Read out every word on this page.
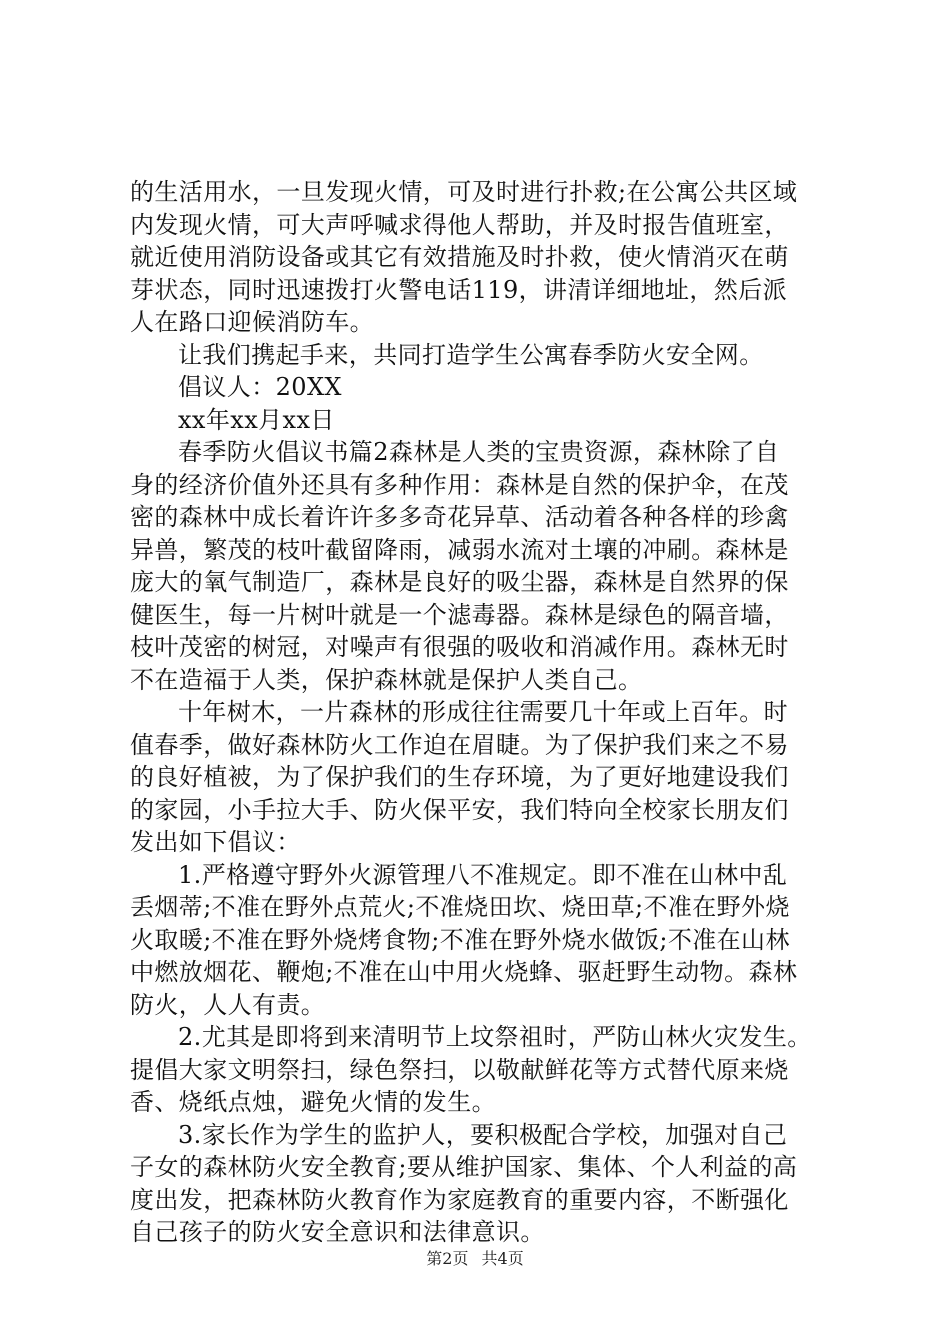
的生活用水，一旦发现火情，可及时进行扑救;在公寓公共区域
内发现火情，可大声呼喊求得他人帮助，并及时报告值班室，
就近使用消防设备或其它有效措施及时扑救，使火情消灭在萌
芽状态，同时迅速拨打火警电话119，讲清详细地址，然后派
人在路口迎候消防车。
让我们携起手来，共同打造学生公寓春季防火安全网。
倡议人：20XX
xx年xx月xx日
春季防火倡议书篇2森林是人类的宝贵资源，森林除了自
身的经济价值外还具有多种作用：森林是自然的保护伞，在茂
密的森林中成长着许许多多奇花异草、活动着各种各样的珍禽
异兽，繁茂的枝叶截留降雨，减弱水流对土壤的冲刷。森林是
庞大的氧气制造厂，森林是良好的吸尘器，森林是自然界的保
健医生，每一片树叶就是一个滤毒器。森林是绿色的隔音墙，
枝叶茂密的树冠，对噪声有很强的吸收和消减作用。森林无时
不在造福于人类，保护森林就是保护人类自己。
十年树木，一片森林的形成往往需要几十年或上百年。时
值春季，做好森林防火工作迫在眉睫。为了保护我们来之不易
的良好植被，为了保护我们的生存环境，为了更好地建设我们
的家园，小手拉大手、防火保平安，我们特向全校家长朋友们
发出如下倡议：
1.严格遵守野外火源管理八不准规定。即不准在山林中乱
丢烟蒂;不准在野外点荒火;不准烧田坎、烧田草;不准在野外烧
火取暖;不准在野外烧烤食物;不准在野外烧水做饭;不准在山林
中燃放烟花、鞭炮;不准在山中用火烧蜂、驱赶野生动物。森林
防火，人人有责。
2.尤其是即将到来清明节上坟祭祖时，严防山林火灾发生。
提倡大家文明祭扫，绿色祭扫，以敬献鲜花等方式替代原来烧
香、烧纸点烛，避免火情的发生。
3.家长作为学生的监护人，要积极配合学校，加强对自己
子女的森林防火安全教育;要从维护国家、集体、个人利益的高
度出发，把森林防火教育作为家庭教育的重要内容，不断强化
自己孩子的防火安全意识和法律意识。
第2页 共4页
